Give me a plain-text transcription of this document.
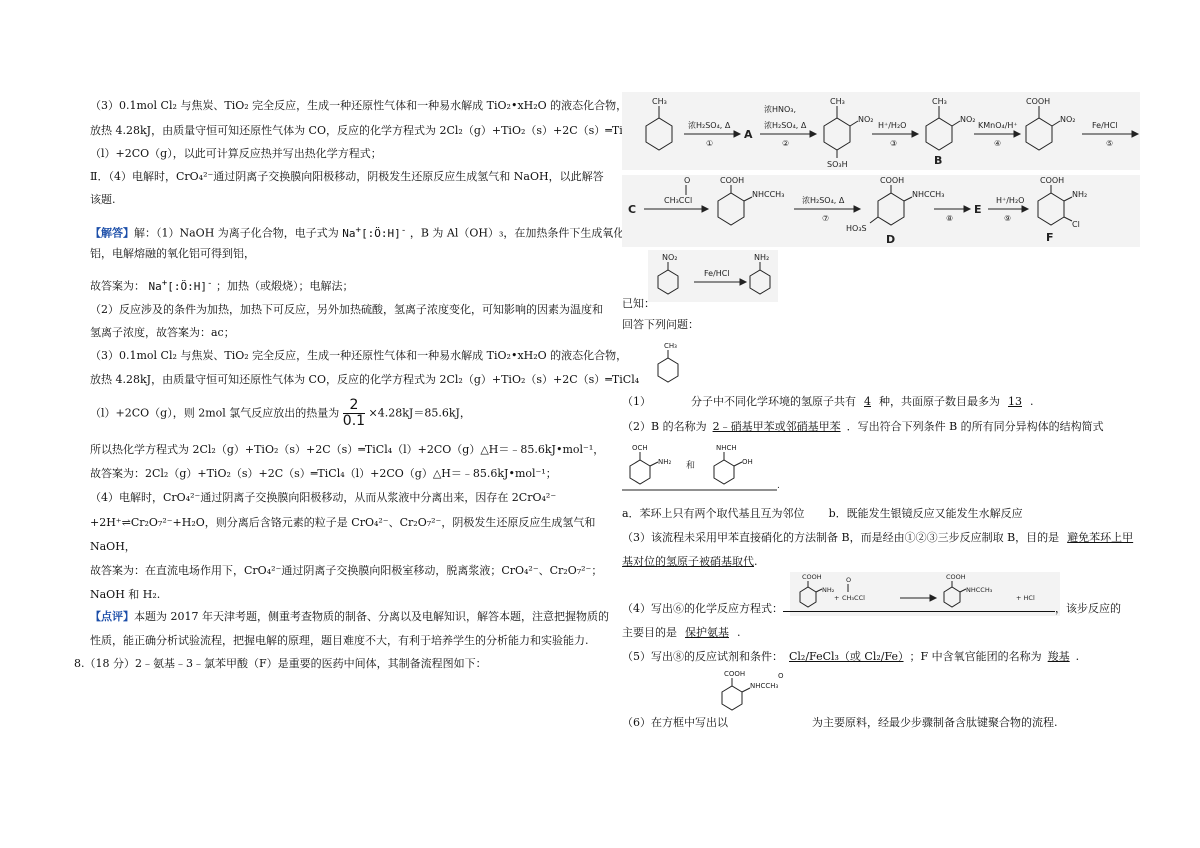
（3）0.1mol Cl₂ 与焦炭、TiO₂ 完全反应，生成一种还原性气体和一种易水解成 TiO₂•xH₂O 的液态化合物，
放热 4.28kJ，由质量守恒可知还原性气体为 CO，反应的化学方程式为 2Cl₂（g）+TiO₂（s）+2C（s）═TiCl₄
（l）+2CO（g），以此可计算反应热并写出热化学方程式；
Ⅱ．（4）电解时，CrO₄²⁻通过阴离子交换膜向阳极移动，阴极发生还原反应生成氢气和 NaOH，以此解答
该题.
【解答】解：（1）NaOH 为离子化合物，电子式为 Na+[:Ö:H]- ，B 为 Al（OH）₃，在加热条件下生成氧化
铝，电解熔融的氧化铝可得到铝，
故答案为： Na+[:Ö:H]- ；加热（或煅烧）；电解法；
（2）反应涉及的条件为加热，加热下可反应，另外加热硫酸，氢离子浓度变化，可知影响的因素为温度和
氢离子浓度，故答案为：ac；
（3）0.1mol Cl₂ 与焦炭、TiO₂ 完全反应，生成一种还原性气体和一种易水解成 TiO₂•xH₂O 的液态化合物，
放热 4.28kJ，由质量守恒可知还原性气体为 CO，反应的化学方程式为 2Cl₂（g）+TiO₂（s）+2C（s）═TiCl₄
（l）+2CO（g），则 2mol 氯气反应放出的热量为 $\frac{2}{0.1} \times 4.28kJ=85.6kJ$，
所以热化学方程式为 2Cl₂（g）+TiO₂（s）+2C（s）═TiCl₄（l）+2CO（g）△H＝﹣85.6kJ•mol⁻¹，
故答案为：2Cl₂（g）+TiO₂（s）+2C（s）═TiCl₄（l）+2CO（g）△H＝﹣85.6kJ•mol⁻¹；
（4）电解时，CrO₄²⁻通过阴离子交换膜向阳极移动，从而从浆液中分离出来，因存在 2CrO₄²⁻
+2H⁺⇌Cr₂O₇²⁻+H₂O，则分离后含铬元素的粒子是 CrO₄²⁻、Cr₂O₇²⁻，阴极发生还原反应生成氢气和
NaOH，
故答案为：在直流电场作用下，CrO₄²⁻通过阴离子交换膜向阳极室移动，脱离浆液；CrO₄²⁻、Cr₂O₇²⁻；
NaOH 和 H₂.
【点评】本题为 2017 年天津考题，侧重考查物质的制备、分离以及电解知识，解答本题，注意把握物质的
性质，能正确分析试验流程，把握电解的原理，题目难度不大，有利于培养学生的分析能力和实验能力.
8.（18 分）2﹣氨基﹣3﹣氯苯甲酸（F）是重要的医药中间体，其制备流程图如下：
CH₃
浓H₂SO₄, Δ
①
A
浓HNO₃,
浓H₂SO₄, Δ
②
CH₃
NO₂
SO₃H
H⁺/H₂O
③
CH₃
NO₂
B
KMnO₄/H⁺
④
COOH
NO₂
Fe/HCl
⑤
C
O
CH₃CCl
COOH
NHCCH₃
浓H₂SO₄, Δ
⑦
COOH
NHCCH₃
HO₃S
D
⑧
E
H⁺/H₂O
⑨
COOH
NH₂
Cl
F
NO₂
Fe/HCl
NH₂
已知：
回答下列问题：
CH₃
（1）	分子中不同化学环境的氢原子共有 4 种，共面原子数目最多为 13 .
（2）B 的名称为 2﹣硝基甲苯或邻硝基甲苯 ．写出符合下列条件 B 的所有同分异构体的结构简式
OCH
NH₂ 和
NHCH
OH
.
a．苯环上只有两个取代基且互为邻位 b．既能发生银镜反应又能发生水解反应
（3）该流程未采用甲苯直接硝化的方法制备 B，而是经由①②③三步反应制取 B，目的是 避免苯环上甲
基对位的氢原子被硝基取代.
COOH
NH₂
+
O
CH₃CCl
COOH
NHCCH₃
+ HCl
（4）写出⑥的化学反应方程式：	，该步反应的
主要目的是 保护氨基 .
（5）写出⑧的反应试剂和条件： Cl₂/FeCl₃（或 Cl₂/Fe） ；F 中含氧官能团的名称为 羧基 .
COOH	O
NHCCH₃
（6）在方框中写出以	为主要原料，经最少步骤制备含肽键聚合物的流程.
